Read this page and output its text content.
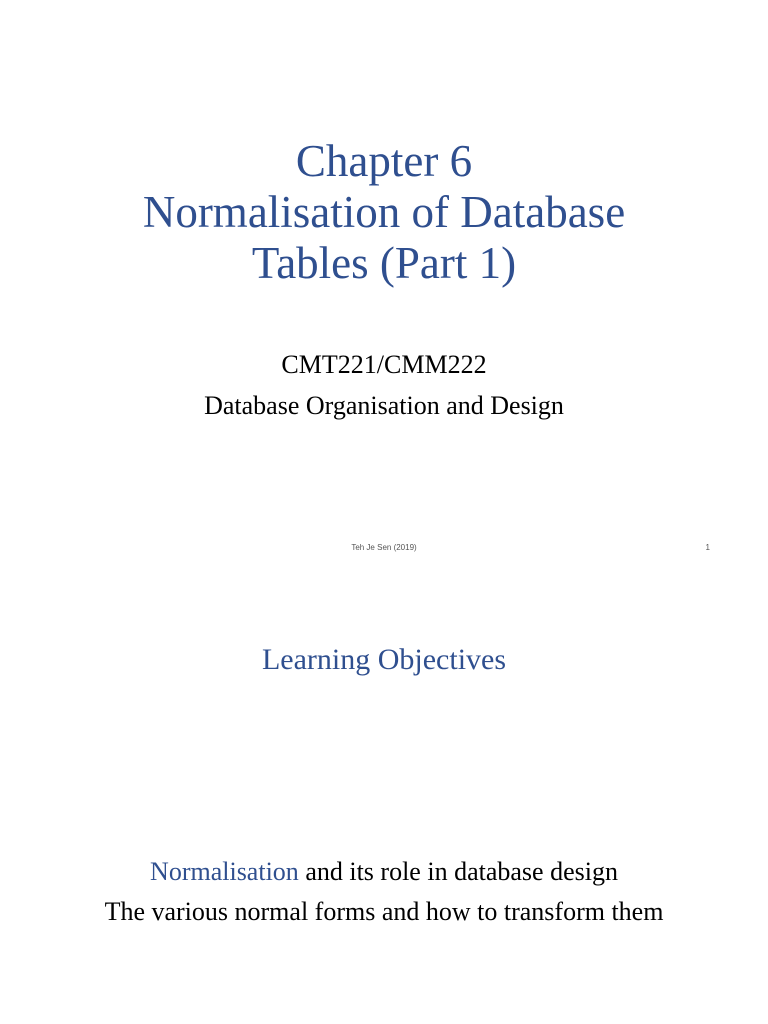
Chapter 6
Normalisation of Database
Tables (Part 1)
CMT221/CMM222
Database Organisation and Design
Teh Je Sen (2019)	1
Learning Objectives
Normalisation and its role in database design
The various normal forms and how to transform them
